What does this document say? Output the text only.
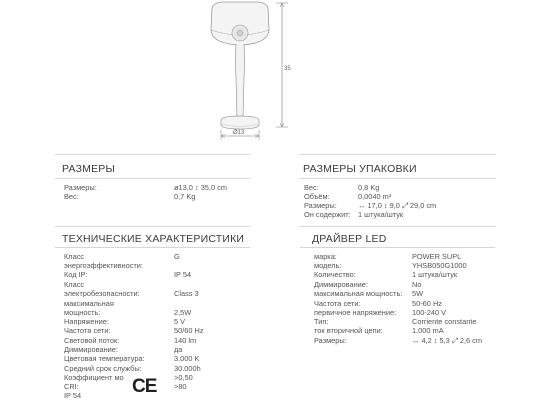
35
Ø13
РАЗМЕРЫ
Размеры:	ø13,0 ↕ 35,0 cm
Вес:	0,7 Kg
РАЗМЕРЫ УПАКОВКИ
Вес:	0,8 Kg
Объём:	0,0040 m³
Размеры:	↔ 17,0 ↕ 9,0 ⤢ 29,0 cm
Он содержит: 1 штука/штук
ТЕХНИЧЕСКИЕ ХАРАКТЕРИСТИКИ
Класс	G
энергоэффективности:
Код IP:	IP 54
Класс
электробезопасности:	Class 3
максимальная
мощность:	2,5W
Напряжение:	5 V
Частота сети:	50/60 Hz
Световой поток:	140 lm
Диммирование:	да
Цветовая температура:	3.000 K
Средний срок службы:	30.000h
Коэффициент мо	>0,50
CRI:	>80
IP 54	CE
ДРАЙВЕР LED
марка:	POWER SUPL
модель:	YHSB050G1000
Количество:	1 штука/штук
Диммирование:	No
максимальная мощность: 5W
Частота сети:	50-60 Hz
первичное напряжение: 100-240 V
Тип:	Corriente constante
ток вторичной цепи:	1.000 mA
Размеры:	↔ 4,2 ↕ 5,3 ⤢ 2,6 cm
